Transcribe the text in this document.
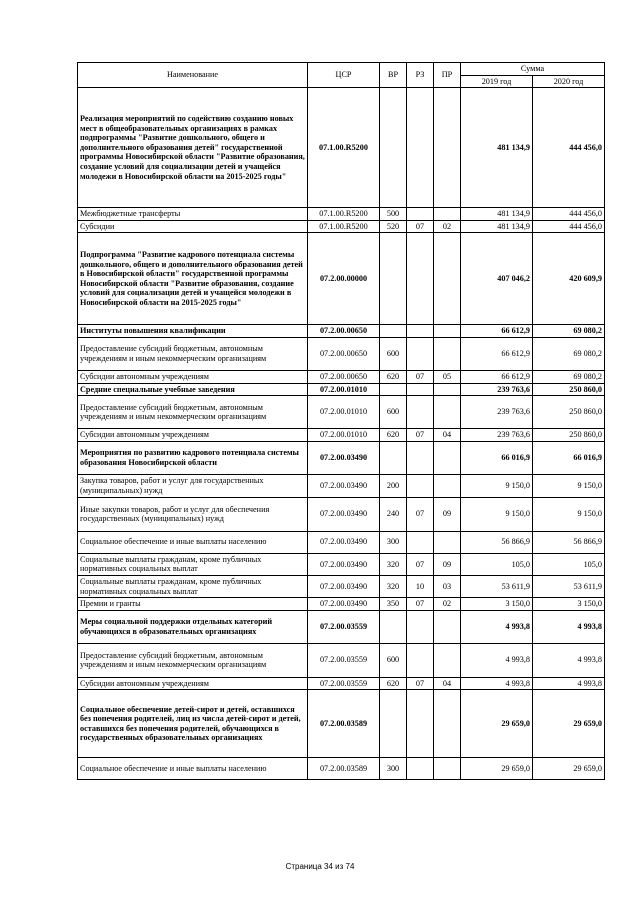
Наименование	ЦСР	ВР	РЗ	ПР	Сумма	
					2019 год	2020 год
Реализация мероприятий по содействию созданию новых мест в общеобразовательных организациях в рамках подпрограммы "Развитие дошкольного, общего и дополнительного образования детей" государственной программы Новосибирской области "Развитие образования, создание условий для социализации детей и учащейся молодежи в Новосибирской области на 2015-2025 годы"	07.1.00.R5200				481 134,9	444 456,0
Межбюджетные трансферты	07.1.00.R5200	500			481 134,9	444 456,0
Субсидии	07.1.00.R5200	520	07	02	481 134,9	444 456,0
Подпрограмма "Развитие кадрового потенциала системы дошкольного, общего и дополнительного образования детей в Новосибирской области" государственной программы Новосибирской области "Развитие образования, создание условий для социализации детей и учащейся молодежи в Новосибирской области на 2015-2025 годы"	07.2.00.00000				407 046,2	420 609,9
Институты повышения квалификации	07.2.00.00650				66 612,9	69 080,2
Предоставление субсидий бюджетным, автономным учреждениям и иным некоммерческим организациям	07.2.00.00650	600			66 612,9	69 080,2
Субсидии автономным учреждениям	07.2.00.00650	620	07	05	66 612,9	69 080,2
Средние специальные учебные заведения	07.2.00.01010				239 763,6	250 860,0
Предоставление субсидий бюджетным, автономным учреждениям и иным некоммерческим организациям	07.2.00.01010	600			239 763,6	250 860,0
Субсидии автономным учреждениям	07.2.00.01010	620	07	04	239 763,6	250 860,0
Мероприятия по развитию кадрового потенциала системы образования Новосибирской области	07.2.00.03490				66 016,9	66 016,9
Закупка товаров, работ и услуг для государственных (муниципальных) нужд	07.2.00.03490	200			9 150,0	9 150,0
Иные закупки товаров, работ и услуг для обеспечения государственных (муниципальных) нужд	07.2.00.03490	240	07	09	9 150,0	9 150,0
Социальное обеспечение и иные выплаты населению	07.2.00.03490	300			56 866,9	56 866,9
Социальные выплаты гражданам, кроме публичных нормативных социальных выплат	07.2.00.03490	320	07	09	105,0	105,0
Социальные выплаты гражданам, кроме публичных нормативных социальных выплат	07.2.00.03490	320	10	03	53 611,9	53 611,9
Премии и гранты	07.2.00.03490	350	07	02	3 150,0	3 150,0
Меры социальной поддержки отдельных категорий обучающихся в образовательных организациях	07.2.00.03559				4 993,8	4 993,8
Предоставление субсидий бюджетным, автономным учреждениям и иным некоммерческим организациям	07.2.00.03559	600			4 993,8	4 993,8
Субсидии автономным учреждениям	07.2.00.03559	620	07	04	4 993,8	4 993,8
Социальное обеспечение детей-сирот и детей, оставшихся без попечения родителей, лиц из числа детей-сирот и детей, оставшихся без попечения родителей, обучающихся в государственных образовательных организациях	07.2.00.03589				29 659,0	29 659,0
Социальное обеспечение и иные выплаты населению	07.2.00.03589	300			29 659,0	29 659,0
Страница 34 из 74
